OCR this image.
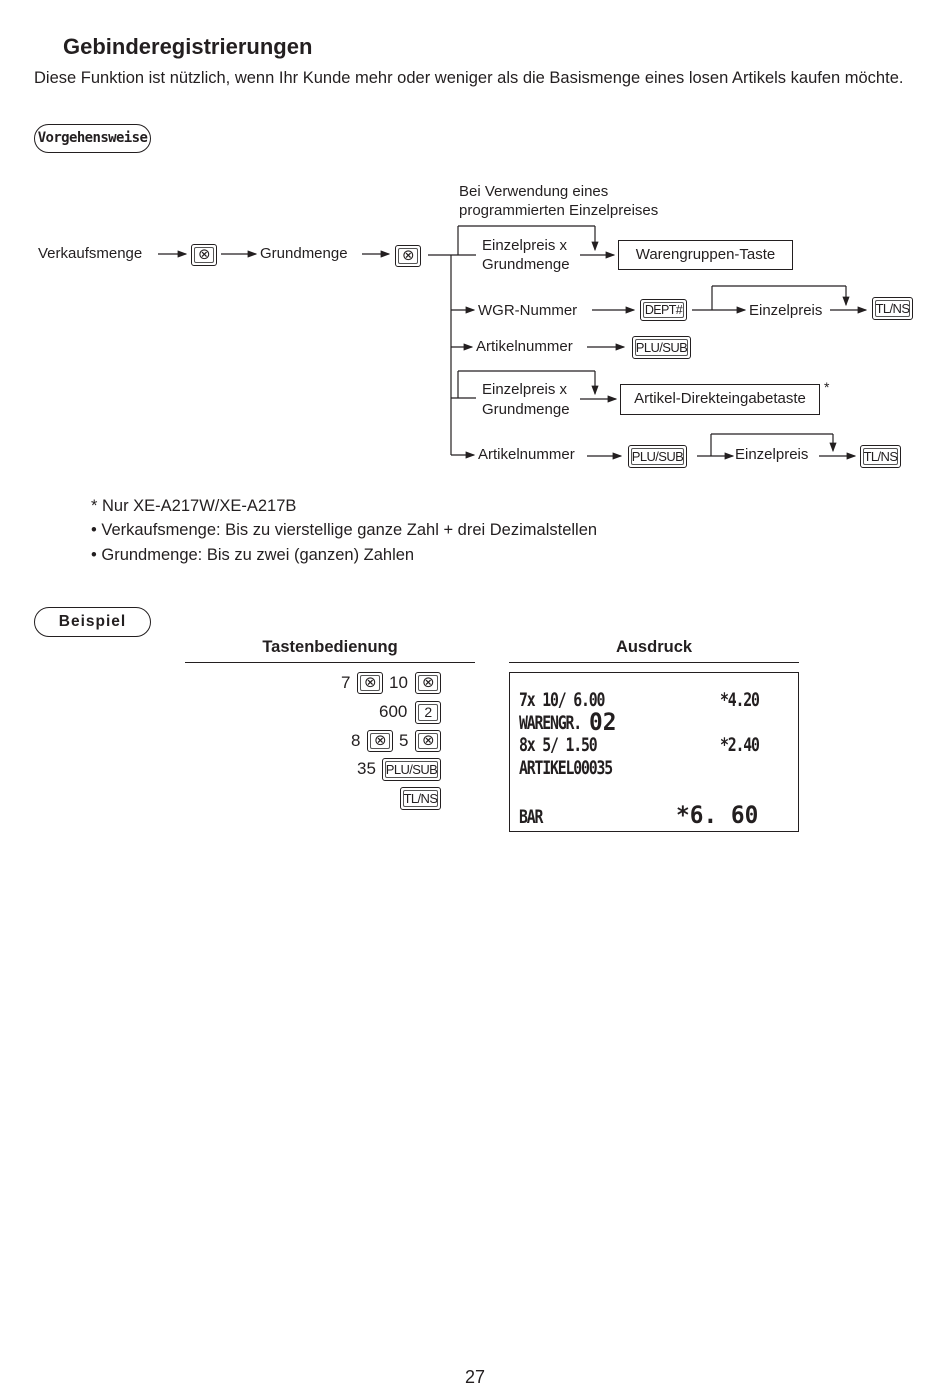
Gebinderegistrierungen
Diese Funktion ist nützlich, wenn Ihr Kunde mehr oder weniger als die Basismenge eines losen Artikels kaufen möchte.
Vorgehensweise
Verkaufsmenge	⊗	Grundmenge	⊗
Bei Verwendung eines
programmierten Einzelpreises
Einzelpreis x
Grundmenge
Warengruppen-Taste
WGR-Nummer	DEPT#	Einzelpreis	TL/NS
Artikelnummer	PLU/SUB
Einzelpreis x
Grundmenge
Artikel-Direkteingabetaste
*
Artikelnummer	PLU/SUB	Einzelpreis	TL/NS
* Nur XE-A217W/XE-A217B
• Verkaufsmenge: Bis zu vierstellige ganze Zahl + drei Dezimalstellen
• Grundmenge: Bis zu zwei (ganzen) Zahlen
Beispiel
Tastenbedienung	Ausdruck
7 ⊗ 10 ⊗
600	2
8 ⊗ 5 ⊗
35 PLU/SUB
TL/NS
7x 10/ 6.00	*4.20
WARENGR. 02
8x 5/ 1.50	*2.40
ARTIKEL00035
BAR	*6. 60
27
